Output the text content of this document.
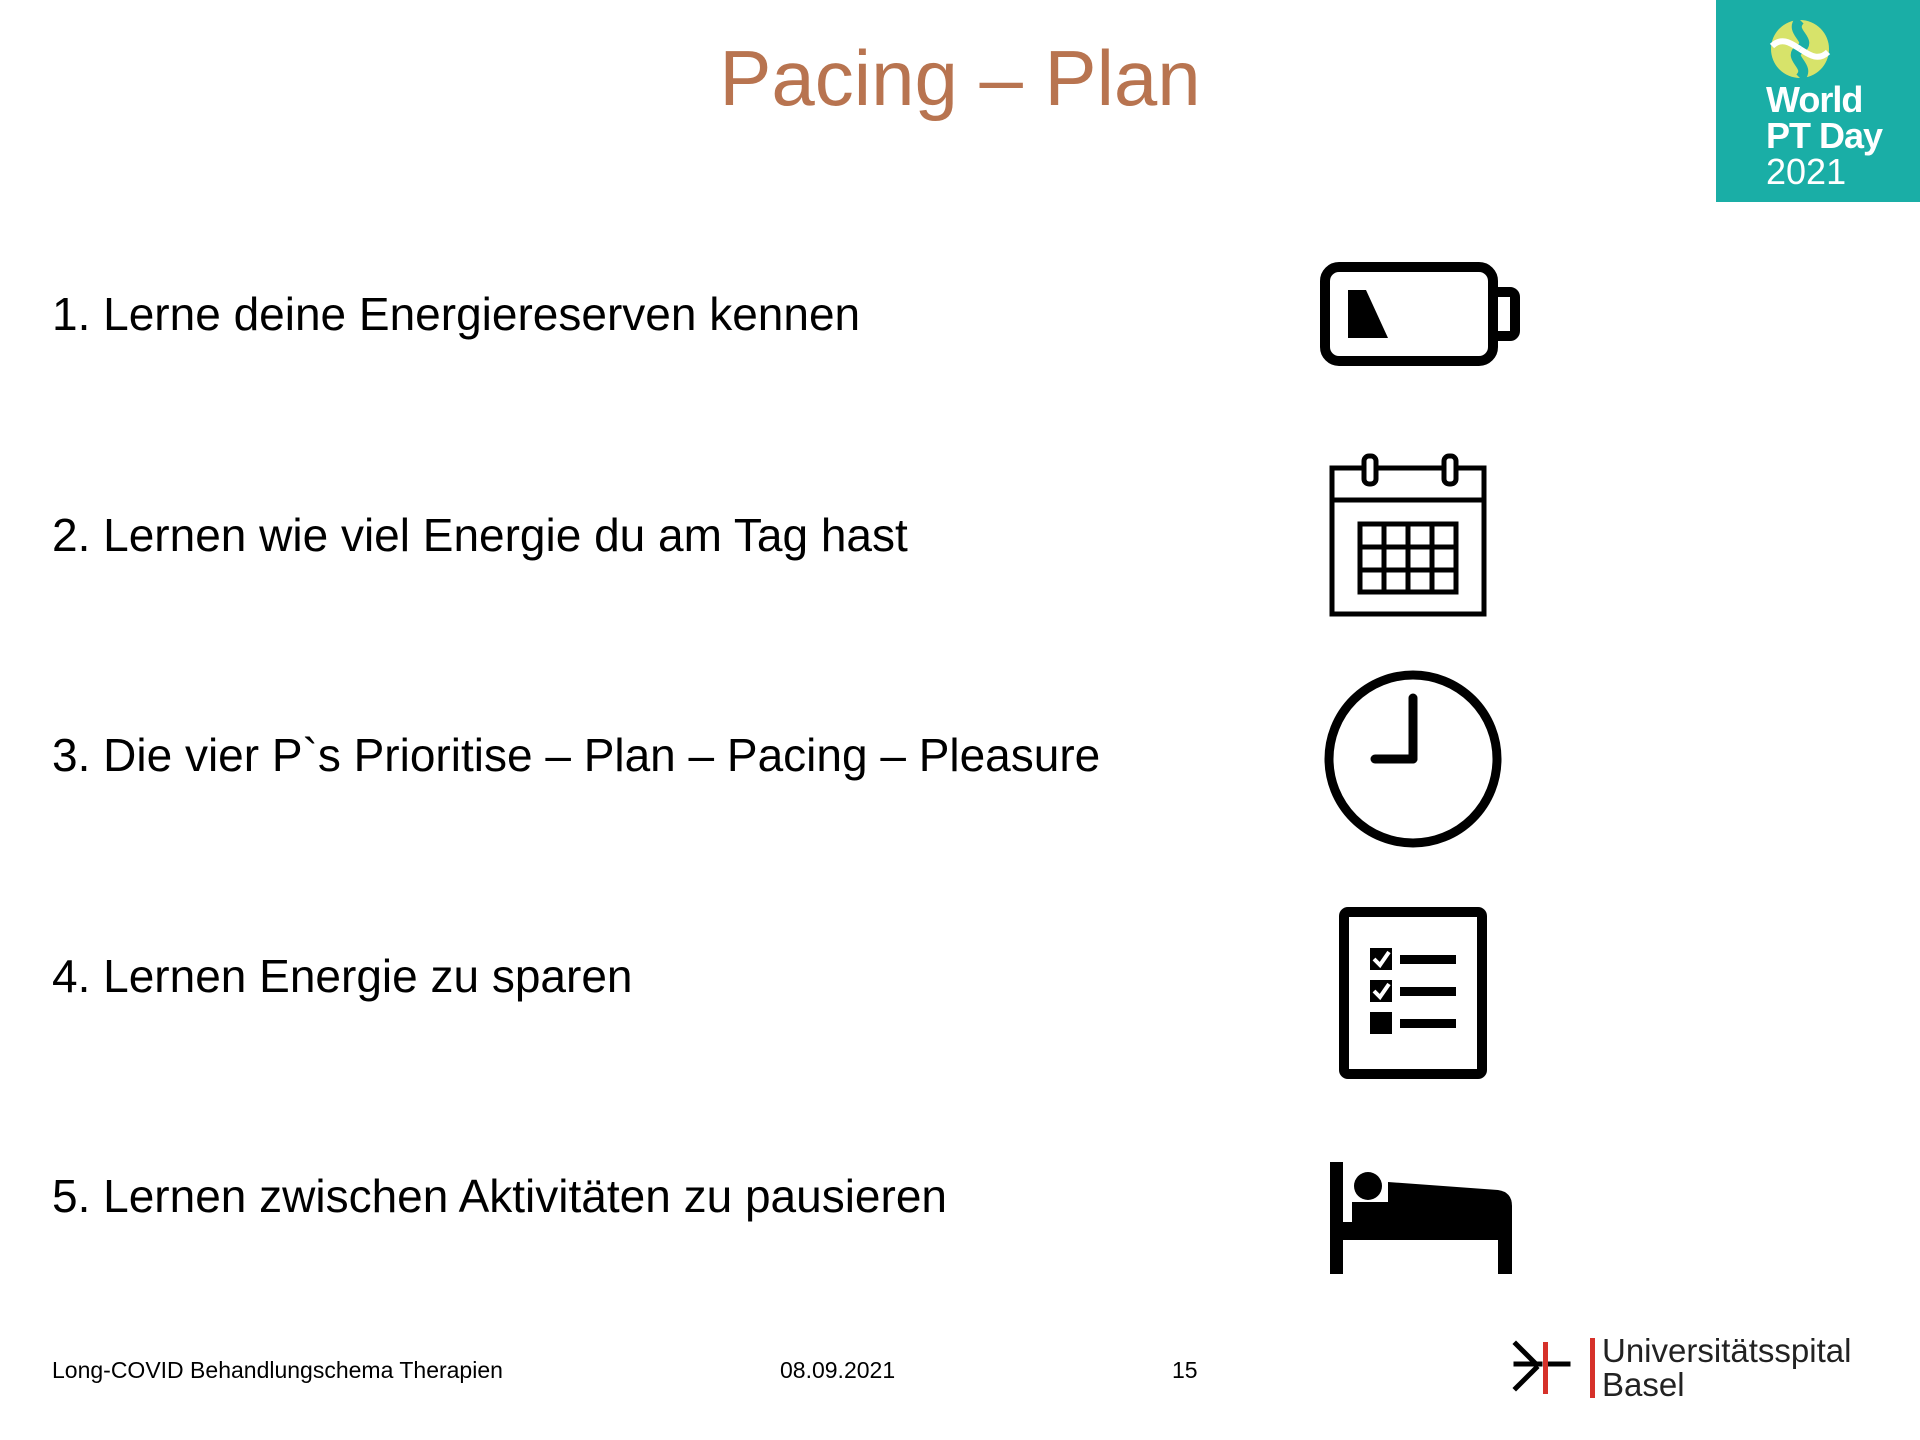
Pacing – Plan	World
PT Day
2021
1. Lerne deine Energiereserven kennen
2. Lernen wie viel Energie du am Tag hast
3. Die vier P`s Prioritise – Plan – Pacing – Pleasure
4. Lernen Energie zu sparen
5. Lernen zwischen Aktivitäten zu pausieren
Long-COVID Behandlungschema Therapien	08.09.2021	15
Universitätsspital
Basel
